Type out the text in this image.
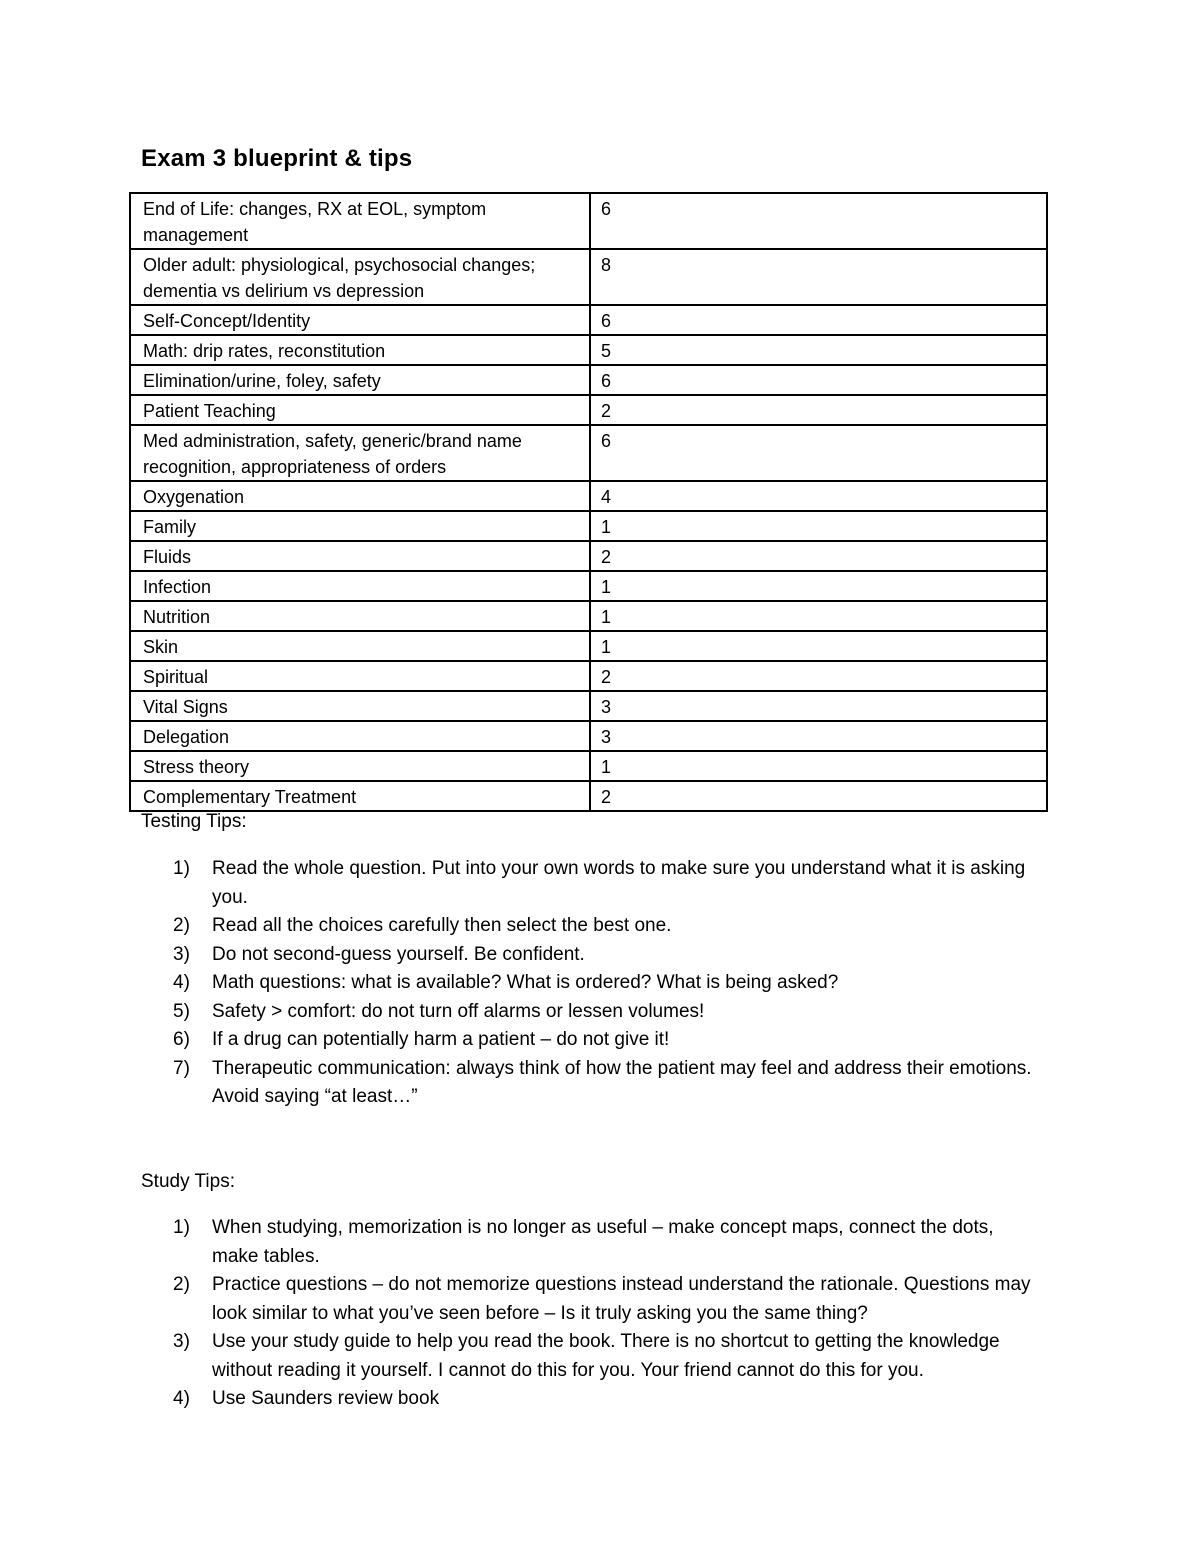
Exam 3 blueprint & tips
End of Life: changes, RX at EOL, symptom management	6
Older adult: physiological, psychosocial changes; dementia vs delirium vs depression	8
Self-Concept/Identity	6
Math: drip rates, reconstitution	5
Elimination/urine, foley, safety	6
Patient Teaching	2
Med administration, safety, generic/brand name recognition, appropriateness of orders	6
Oxygenation	4
Family	1
Fluids	2
Infection	1
Nutrition	1
Skin	1
Spiritual	2
Vital Signs	3
Delegation	3
Stress theory	1
Complementary Treatment	2

Testing Tips:

1) Read the whole question. Put into your own words to make sure you understand what it is asking you.
2) Read all the choices carefully then select the best one.
3) Do not second-guess yourself. Be confident.
4) Math questions: what is available? What is ordered? What is being asked?
5) Safety > comfort: do not turn off alarms or lessen volumes!
6) If a drug can potentially harm a patient – do not give it!
7) Therapeutic communication: always think of how the patient may feel and address their emotions. Avoid saying “at least…”

Study Tips:

1) When studying, memorization is no longer as useful – make concept maps, connect the dots, make tables.
2) Practice questions – do not memorize questions instead understand the rationale. Questions may look similar to what you’ve seen before – Is it truly asking you the same thing?
3) Use your study guide to help you read the book. There is no shortcut to getting the knowledge without reading it yourself. I cannot do this for you. Your friend cannot do this for you.
4) Use Saunders review book
